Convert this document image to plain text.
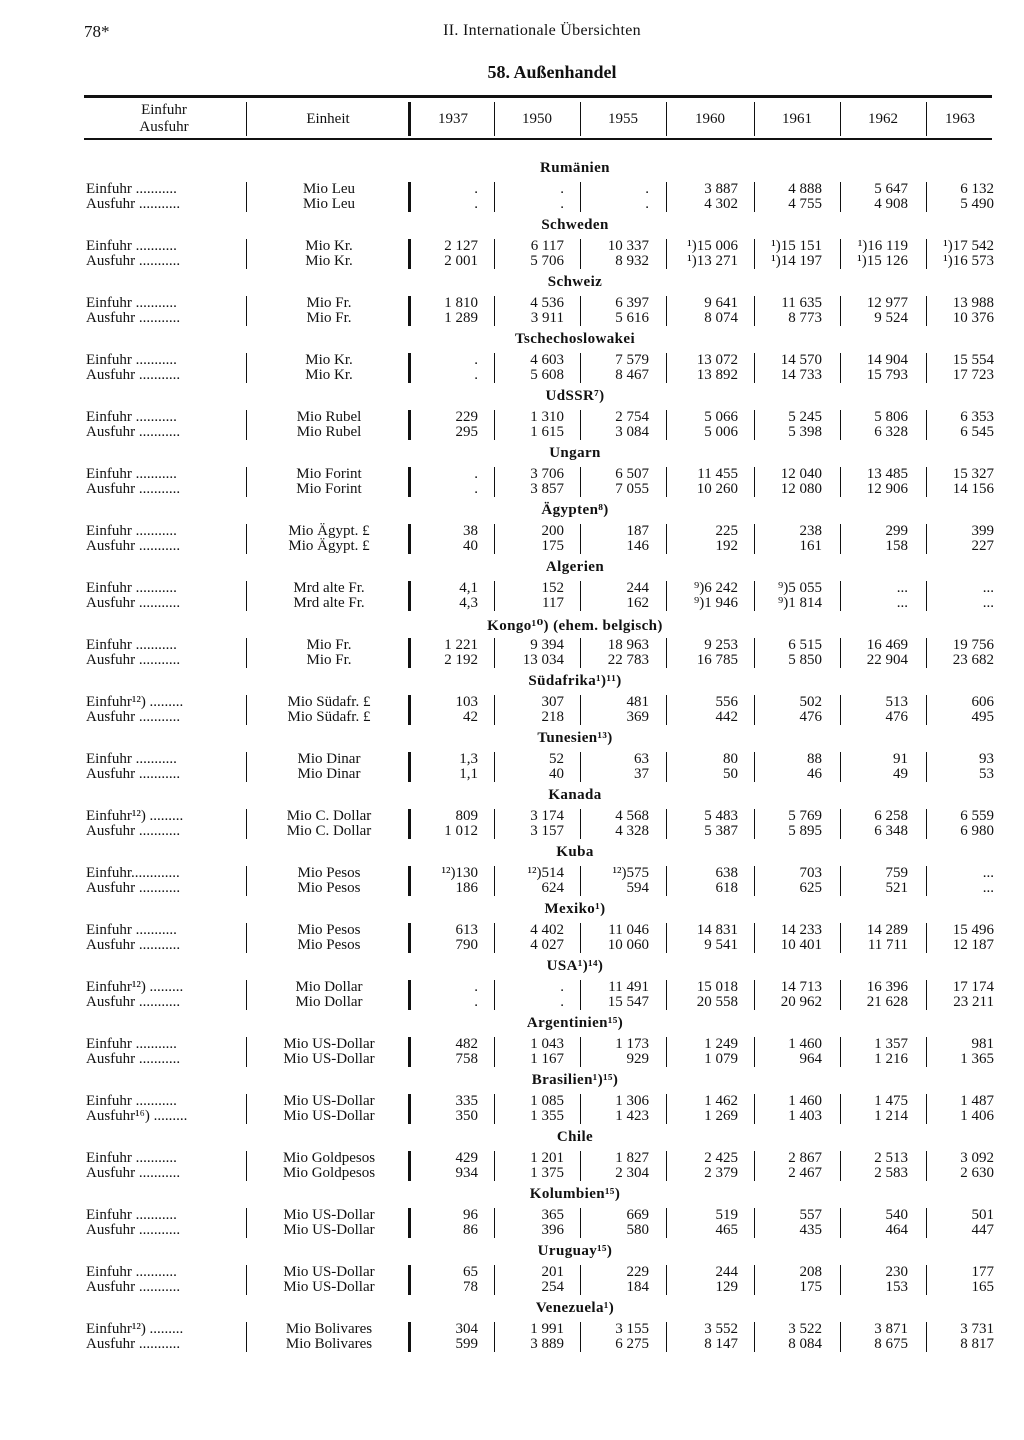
78*	II. Internationale Übersichten
58. Außenhandel
Einfuhr
Ausfuhr
Einheit	1937	1950	1955	1960	1961	1962	1963
Rumänien
Einfuhr ...........	Mio Leu	.	.	.	3 887	4 888	5 647	6 132
Ausfuhr ...........	Mio Leu	.	.	.	4 302	4 755	4 908	5 490
Schweden
Einfuhr ...........	Mio Kr.	2 127	6 117	10 337	¹)15 006	¹)15 151	¹)16 119	¹)17 542
Ausfuhr ...........	Mio Kr.	2 001	5 706	8 932	¹)13 271	¹)14 197	¹)15 126	¹)16 573
Schweiz
Einfuhr ...........	Mio Fr.	1 810	4 536	6 397	9 641	11 635	12 977	13 988
Ausfuhr ...........	Mio Fr.	1 289	3 911	5 616	8 074	8 773	9 524	10 376
Tschechoslowakei
Einfuhr ...........	Mio Kr.	.	4 603	7 579	13 072	14 570	14 904	15 554
Ausfuhr ...........	Mio Kr.	.	5 608	8 467	13 892	14 733	15 793	17 723
UdSSR⁷)
Einfuhr ...........	Mio Rubel	229	1 310	2 754	5 066	5 245	5 806	6 353
Ausfuhr ...........	Mio Rubel	295	1 615	3 084	5 006	5 398	6 328	6 545
Ungarn
Einfuhr ...........	Mio Forint	.	3 706	6 507	11 455	12 040	13 485	15 327
Ausfuhr ...........	Mio Forint	.	3 857	7 055	10 260	12 080	12 906	14 156
Ägypten⁸)
Einfuhr ...........	Mio Ägypt. £	38	200	187	225	238	299	399
Ausfuhr ...........	Mio Ägypt. £	40	175	146	192	161	158	227
Algerien
Einfuhr ...........	Mrd alte Fr.	4,1	152	244	⁹)6 242	⁹)5 055	...	...
Ausfuhr ...........	Mrd alte Fr.	4,3	117	162	⁹)1 946	⁹)1 814	...	...
Kongo¹⁰) (ehem. belgisch)
Einfuhr ...........	Mio Fr.	1 221	9 394	18 963	9 253	6 515	16 469	19 756
Ausfuhr ...........	Mio Fr.	2 192	13 034	22 783	16 785	5 850	22 904	23 682
Südafrika¹)¹¹)
Einfuhr¹²) .........	Mio Südafr. £	103	307	481	556	502	513	606
Ausfuhr ...........	Mio Südafr. £	42	218	369	442	476	476	495
Tunesien¹³)
Einfuhr ...........	Mio Dinar	1,3	52	63	80	88	91	93
Ausfuhr ...........	Mio Dinar	1,1	40	37	50	46	49	53
Kanada
Einfuhr¹²) .........	Mio C. Dollar	809	3 174	4 568	5 483	5 769	6 258	6 559
Ausfuhr ...........	Mio C. Dollar	1 012	3 157	4 328	5 387	5 895	6 348	6 980
Kuba
Einfuhr.............	Mio Pesos	¹²)130	¹²)514	¹²)575	638	703	759	...
Ausfuhr ...........	Mio Pesos	186	624	594	618	625	521	...
Mexiko¹)
Einfuhr ...........	Mio Pesos	613	4 402	11 046	14 831	14 233	14 289	15 496
Ausfuhr ...........	Mio Pesos	790	4 027	10 060	9 541	10 401	11 711	12 187
USA¹)¹⁴)
Einfuhr¹²) .........	Mio Dollar	.	.	11 491	15 018	14 713	16 396	17 174
Ausfuhr ...........	Mio Dollar	.	.	15 547	20 558	20 962	21 628	23 211
Argentinien¹⁵)
Einfuhr ...........	Mio US-Dollar	482	1 043	1 173	1 249	1 460	1 357	981
Ausfuhr ...........	Mio US-Dollar	758	1 167	929	1 079	964	1 216	1 365
Brasilien¹)¹⁵)
Einfuhr ...........	Mio US-Dollar	335	1 085	1 306	1 462	1 460	1 475	1 487
Ausfuhr¹⁶) .........	Mio US-Dollar	350	1 355	1 423	1 269	1 403	1 214	1 406
Chile
Einfuhr ...........	Mio Goldpesos	429	1 201	1 827	2 425	2 867	2 513	3 092
Ausfuhr ...........	Mio Goldpesos	934	1 375	2 304	2 379	2 467	2 583	2 630
Kolumbien¹⁵)
Einfuhr ...........	Mio US-Dollar	96	365	669	519	557	540	501
Ausfuhr ...........	Mio US-Dollar	86	396	580	465	435	464	447
Uruguay¹⁵)
Einfuhr ...........	Mio US-Dollar	65	201	229	244	208	230	177
Ausfuhr ...........	Mio US-Dollar	78	254	184	129	175	153	165
Venezuela¹)
Einfuhr¹²) .........	Mio Bolivares	304	1 991	3 155	3 552	3 522	3 871	3 731
Ausfuhr ...........	Mio Bolivares	599	3 889	6 275	8 147	8 084	8 675	8 817
